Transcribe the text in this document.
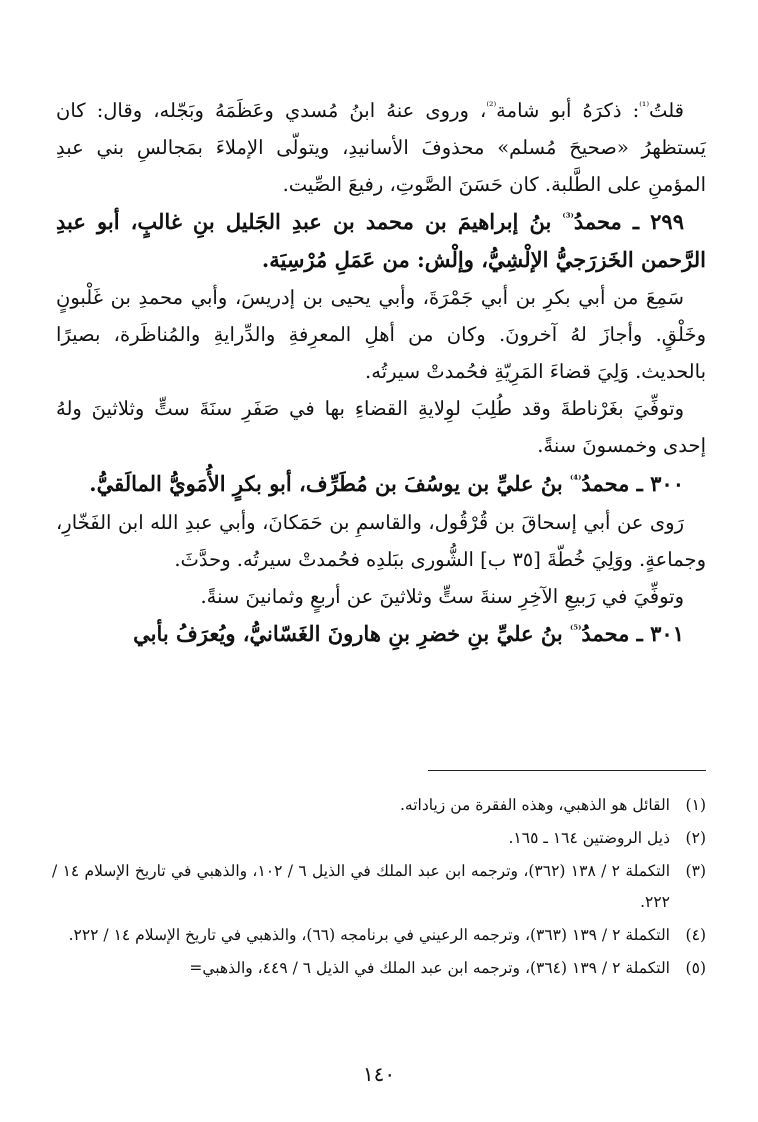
قلتُ$^{^{(1)}}$: ذكرَهُ أبو شامة$^{^{(2)}}$، وروى عنهُ ابنُ مُسدي وعَظَمَهُ وبَجّله، وقال: كان يَستظهرُ «صحيحَ مُسلم» محذوفَ الأسانيدِ، ويتولّى الإملاءَ بمَجالسِ بني عبدِ المؤمنِ على الطَّلبة. كان حَسَنَ الصَّوتِ، رفيعَ الصِّيت.

٢٩٩ ـ محمدُ$^{^{(3)}}$ بنُ إبراهيمَ بن محمد بن عبدِ الجَليل بنِ غالبٍ، أبو عبدِ الرَّحمن الخَزرَجيُّ الإلْشِيُّ، وإلْش: من عَمَلِ مُرْسِيَة.

سَمِعَ من أبي بكرِ بن أبي جَمْرَةَ، وأبي يحيى بن إدريسَ، وأبي محمدِ بن غَلْبونٍ وخَلْقٍ. وأجازَ لهُ آخرونَ. وكان من أهلِ المعرِفةِ والدِّرايةِ والمُناظَرة، بصيرًا بالحديث. وَلِيَ قضاءَ المَرِيّةِ فحُمدتْ سيرتُه.

وتوفِّيَ بغَرْناطةَ وقد طُلِبَ لوِلايةِ القضاءِ بها في صَفَرِ سنَةَ ستٍّ وثلاثينَ ولهُ إحدى وخمسونَ سنةً.

٣٠٠ ـ محمدُ$^{^{(4)}}$ بنُ عليِّ بن يوسُفَ بن مُطَرِّف، أبو بكرٍ الأُمَويُّ المالَقيُّ.

رَوى عن أبي إسحاقَ بن قُرْقُول، والقاسمِ بن حَمَكانَ، وأبي عبدِ الله ابن الفَخّارِ، وجماعةٍ. ووَلِيَ خُطّةَ [٣٥ ب] الشُّورى ببَلدِه فحُمدتْ سيرتُه. وحدَّثَ.

وتوفِّيَ في رَبيعِ الآخِرِ سنةَ ستٍّ وثلاثينَ عن أربعٍ وثمانينَ سنةً.

٣٠١ ـ محمدُ$^{^{(5)}}$ بنُ عليِّ بنِ خضرِ بنِ هارونَ الغَسّانيُّ، ويُعرَفُ بأبي

(١)
القائل هو الذهبي، وهذه الفقرة من زياداته.
(٢)
ذيل الروضتين ١٦٤ ـ ١٦٥.
(٣)
التكملة ٢ / ١٣٨ (٣٦٢)، وترجمه ابن عبد الملك في الذيل ٦ / ١٠٢، والذهبي في تاريخ الإسلام ١٤ / ٢٢٢.
(٤)
التكملة ٢ / ١٣٩ (٣٦٣)، وترجمه الرعيني في برنامجه (٦٦)، والذهبي في تاريخ الإسلام ١٤ / ٢٢٢.
(٥)
التكملة ٢ / ١٣٩ (٣٦٤)، وترجمه ابن عبد الملك في الذيل ٦ / ٤٤٩، والذهبي=
١٤٠
